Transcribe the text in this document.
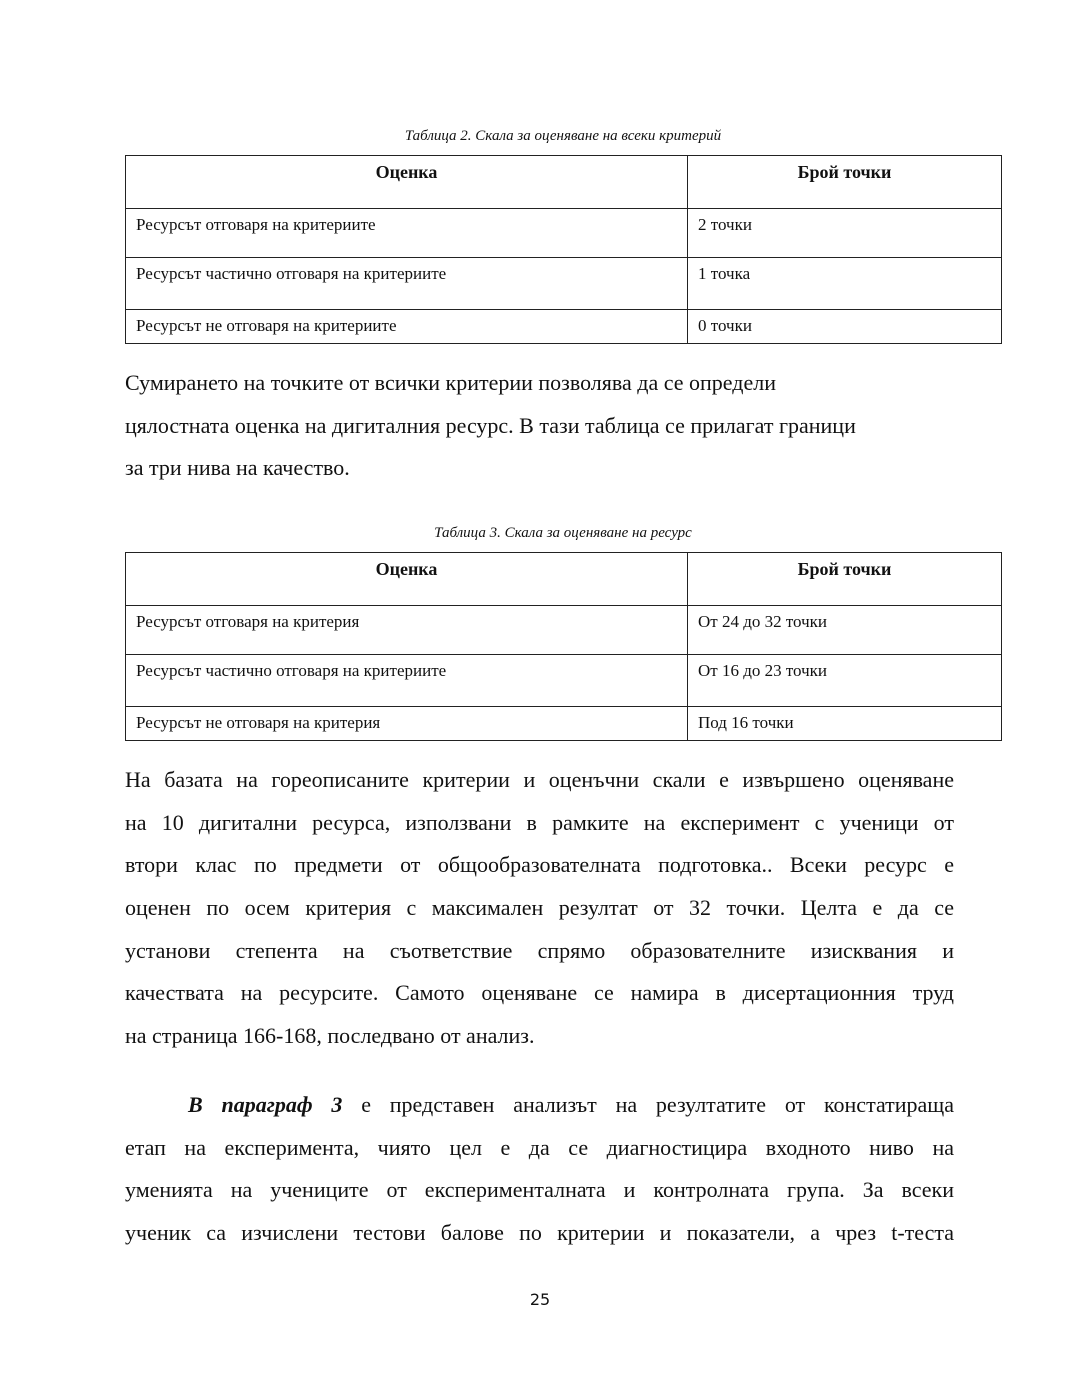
Таблица 2. Скала за оценяване на всеки критерий
Оценка	Брой точки
Ресурсът отговаря на критериите	2 точки
Ресурсът частично отговаря на критериите	1 точка
Ресурсът не отговаря на критериите	0 точки
Сумирането на точките от всички критерии позволява да се определи
цялостната оценка на дигиталния ресурс. В тази таблица се прилагат граници
за три нива на качество.
Таблица 3. Скала за оценяване на ресурс
Оценка	Брой точки
Ресурсът отговаря на критерия	От 24 до 32 точки
Ресурсът частично отговаря на критериите	От 16 до 23 точки
Ресурсът не отговаря на критерия	Под 16 точки
На базата на гореописаните критерии и оценъчни скали е извършено оценяване
на 10 дигитални ресурса, използвани в рамките на експеримент с ученици от
втори клас по предмети от общообразователната подготовка.. Всеки ресурс е
оценен по осем критерия с максимален резултат от 32 точки. Целта е да се
установи степента на съответствие спрямо образователните изисквания и
качествата на ресурсите. Самото оценяване се намира в дисертационния труд
на страница 166-168, последвано от анализ.
В параграф 3 е представен анализът на резултатите от констатираща
етап на експеримента, чиято цел е да се диагностицира входното ниво на
уменията на учениците от експерименталната и контролната група. За всеки
ученик са изчислени тестови балове по критерии и показатели, а чрез t-теста
25
